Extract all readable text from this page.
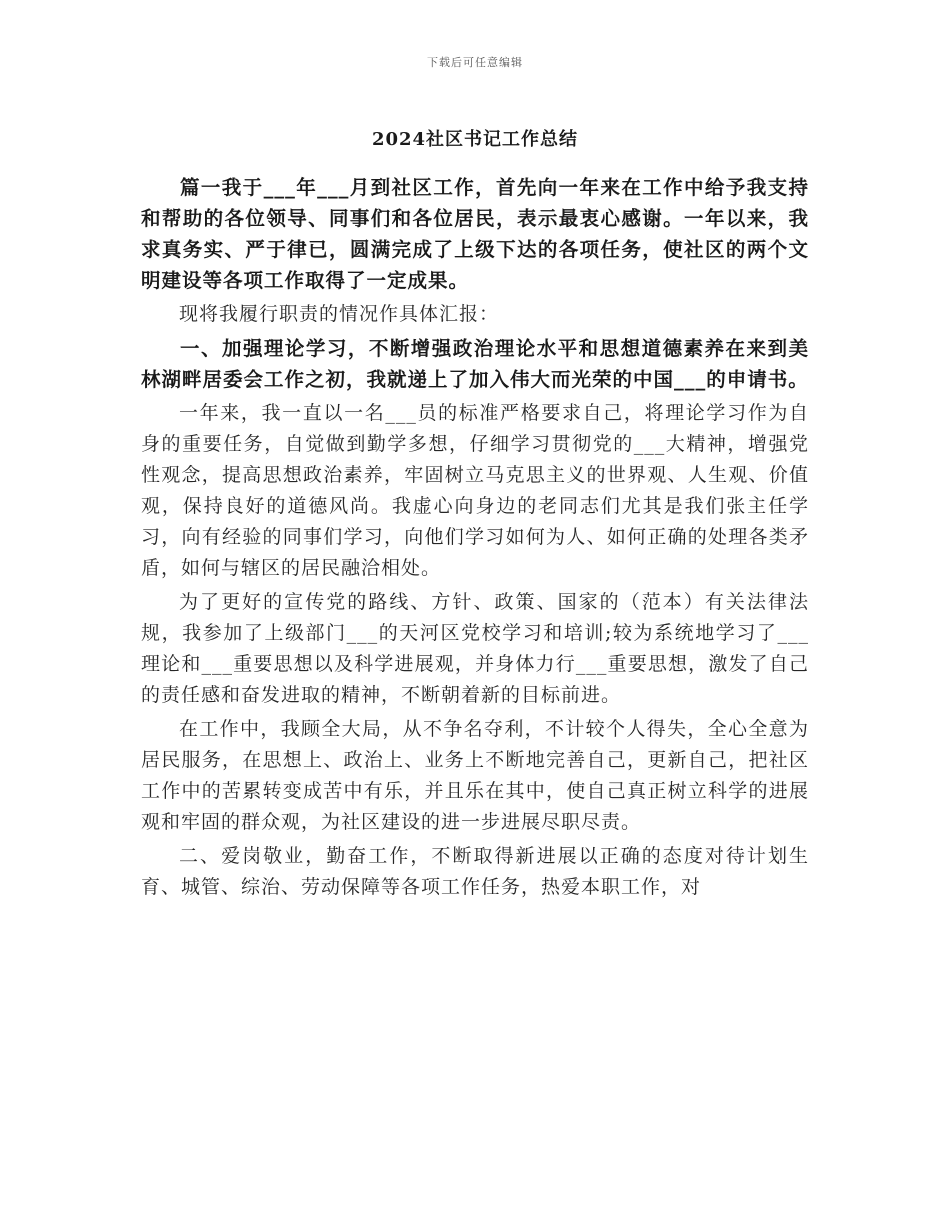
下载后可任意编辑
2024社区书记工作总结

篇一我于___年___月到社区工作，首先向一年来在工作中给予我支持和帮助的各位领导、同事们和各位居民，表示最衷心感谢。一年以来，我求真务实、严于律已，圆满完成了上级下达的各项任务，使社区的两个文明建设等各项工作取得了一定成果。

现将我履行职责的情况作具体汇报：

一、加强理论学习，不断增强政治理论水平和思想道德素养在来到美林湖畔居委会工作之初，我就递上了加入伟大而光荣的中国___的申请书。

一年来，我一直以一名___员的标准严格要求自己，将理论学习作为自身的重要任务，自觉做到勤学多想，仔细学习贯彻党的___大精神，增强党性观念，提高思想政治素养，牢固树立马克思主义的世界观、人生观、价值观，保持良好的道德风尚。我虚心向身边的老同志们尤其是我们张主任学习，向有经验的同事们学习，向他们学习如何为人、如何正确的处理各类矛盾，如何与辖区的居民融洽相处。

为了更好的宣传党的路线、方针、政策、国家的（范本）有关法律法规，我参加了上级部门___的天河区党校学习和培训;较为系统地学习了___理论和___重要思想以及科学进展观，并身体力行___重要思想，激发了自己的责任感和奋发进取的精神，不断朝着新的目标前进。

在工作中，我顾全大局，从不争名夺利，不计较个人得失，全心全意为居民服务，在思想上、政治上、业务上不断地完善自己，更新自己，把社区工作中的苦累转变成苦中有乐，并且乐在其中，使自己真正树立科学的进展观和牢固的群众观，为社区建设的进一步进展尽职尽责。

二、爱岗敬业，勤奋工作，不断取得新进展以正确的态度对待计划生育、城管、综治、劳动保障等各项工作任务，热爱本职工作，对
